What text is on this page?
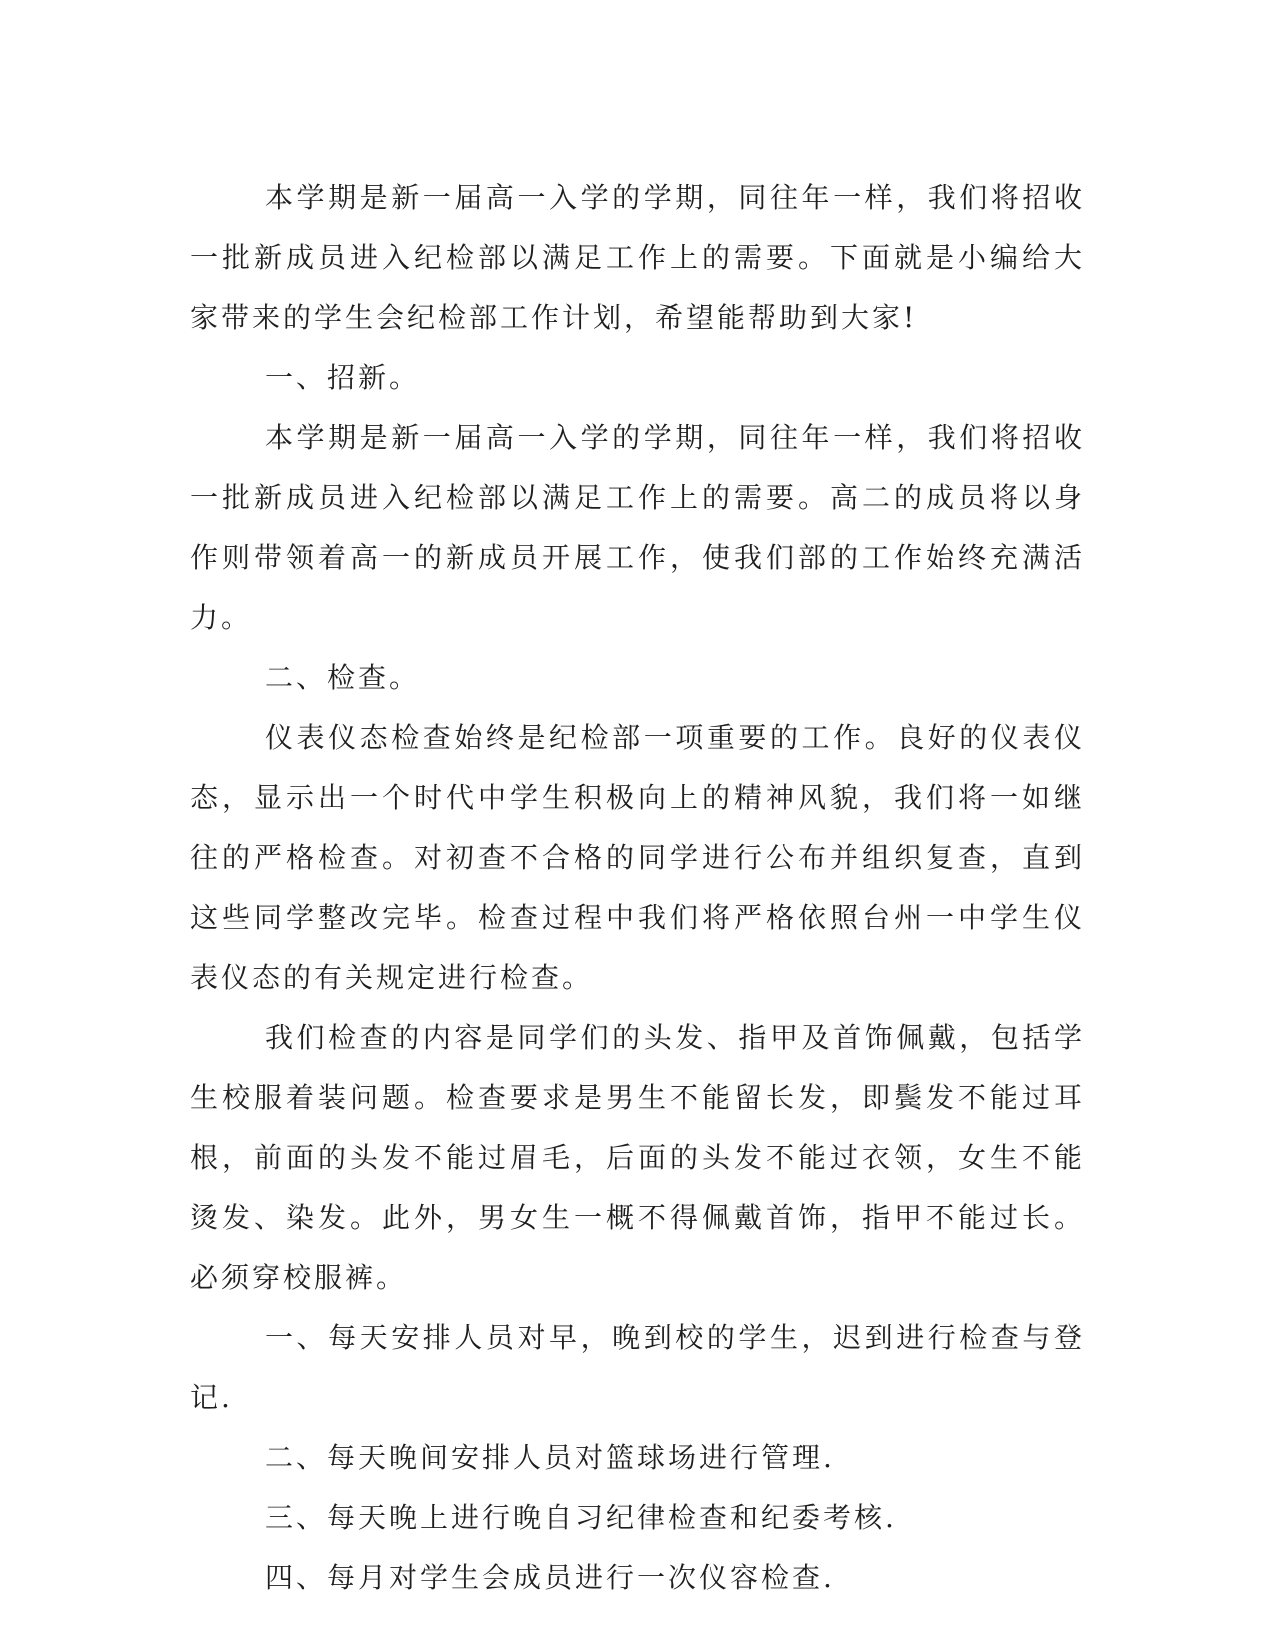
本学期是新一届高一入学的学期，同往年一样，我们将招收一批新成员进入纪检部以满足工作上的需要。下面就是小编给大家带来的学生会纪检部工作计划，希望能帮助到大家!

一、招新。

本学期是新一届高一入学的学期，同往年一样，我们将招收一批新成员进入纪检部以满足工作上的需要。高二的成员将以身作则带领着高一的新成员开展工作，使我们部的工作始终充满活力。

二、检查。

仪表仪态检查始终是纪检部一项重要的工作。良好的仪表仪态，显示出一个时代中学生积极向上的精神风貌，我们将一如继往的严格检查。对初查不合格的同学进行公布并组织复查，直到这些同学整改完毕。检查过程中我们将严格依照台州一中学生仪表仪态的有关规定进行检查。

我们检查的内容是同学们的头发、指甲及首饰佩戴，包括学生校服着装问题。检查要求是男生不能留长发，即鬓发不能过耳根，前面的头发不能过眉毛，后面的头发不能过衣领，女生不能烫发、染发。此外，男女生一概不得佩戴首饰，指甲不能过长。必须穿校服裤。

一、每天安排人员对早，晚到校的学生，迟到进行检查与登记.

二、每天晚间安排人员对篮球场进行管理.

三、每天晚上进行晚自习纪律检查和纪委考核.

四、每月对学生会成员进行一次仪容检查.
